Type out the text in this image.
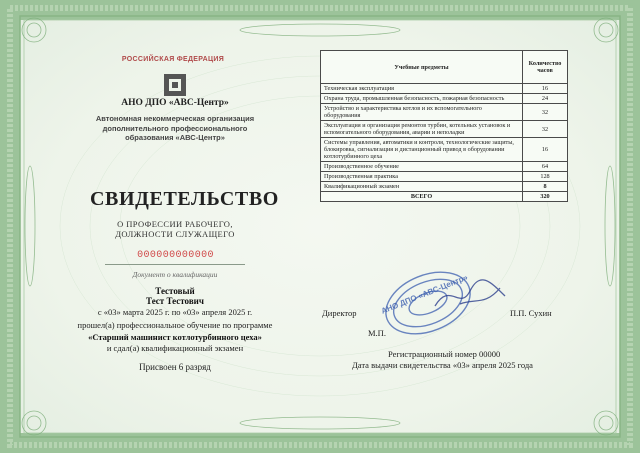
РОССИЙСКАЯ ФЕДЕРАЦИЯ
АНО ДПО «АВС-Центр»
Автономная некоммерческая организация дополнительного профессионального образования «АВС-Центр»
СВИДЕТЕЛЬСТВО
О ПРОФЕССИИ РАБОЧЕГО, ДОЛЖНОСТИ СЛУЖАЩЕГО
000000000000
Документ о квалификации
Тестовый
Тест Тестович
с «03» марта 2025 г. по «03» апреля 2025 г.
прошел(а) профессиональное обучение по программе
«Старший машинист котлотурбинного цеха»
и сдал(а) квалификационный экзамен
Присвоен 6 разряд
Учебные предметы	Количество часов
Техническая эксплуатация	16
Охрана труда, промышленная безопасность, пожарная безопасность	24
Устройство и характеристика котлов и их вспомогательного оборудования	32
Эксплуатация и организация ремонтов турбин, котельных установок и вспомогательного оборудования, аварии и неполадки	32
Системы управления, автоматики и контроля, технологические защиты, блокировка, сигнализация и дистанционный привод в оборудовании котлотурбинного цеха	16
Производственное обучение	64
Производственная практика	128
Квалификационный экзамен	8
ВСЕГО	320
АНО ДПО «АВС-Центр»
Директор	П.П. Сухин
М.П.
Регистрационный номер 00000
Дата выдачи свидетельства «03» апреля 2025 года
